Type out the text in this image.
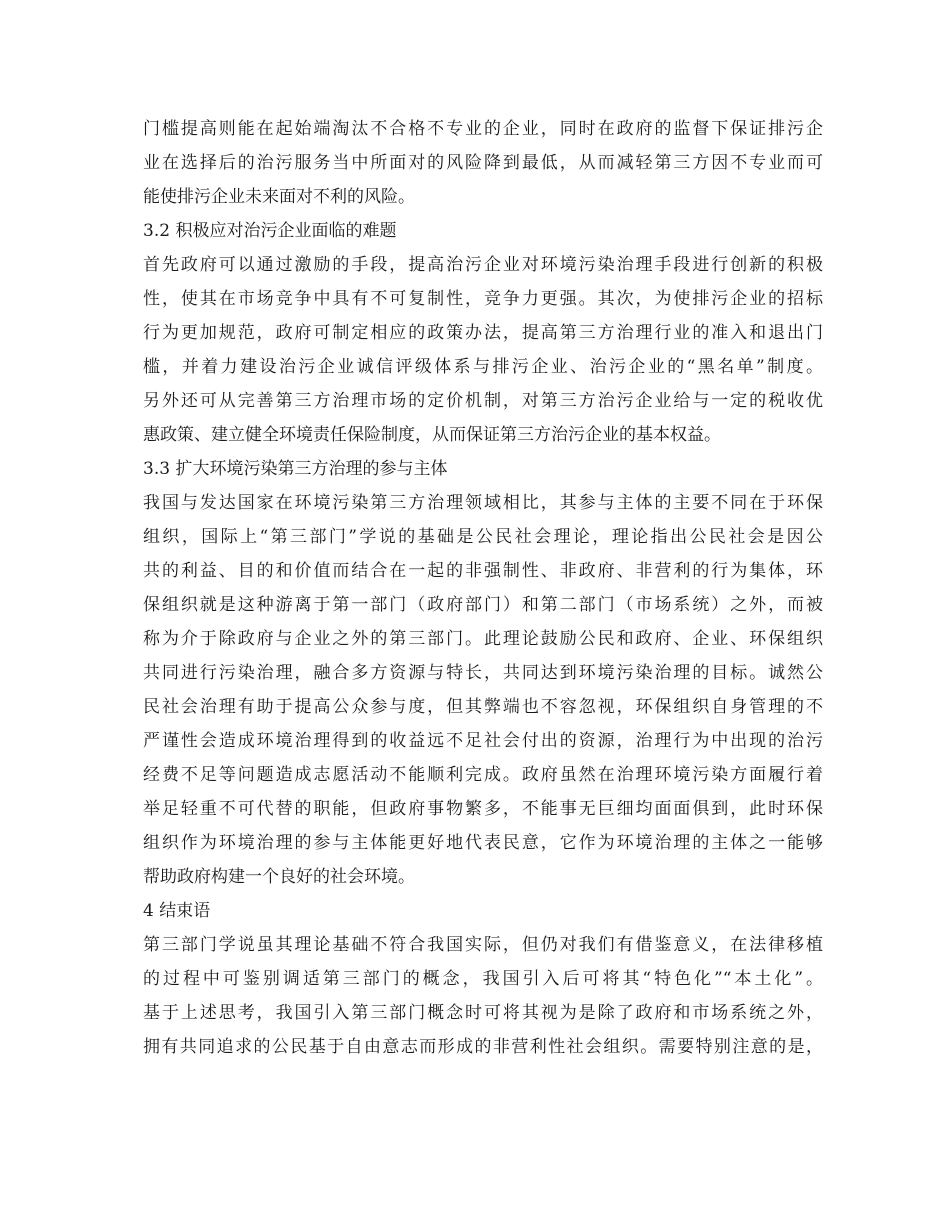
门槛提高则能在起始端淘汰不合格不专业的企业，同时在政府的监督下保证排污企
业在选择后的治污服务当中所面对的风险降到最低，从而减轻第三方因不专业而可
能使排污企业未来面对不利的风险。
3.2 积极应对治污企业面临的难题
首先政府可以通过激励的手段，提高治污企业对环境污染治理手段进行创新的积极
性，使其在市场竞争中具有不可复制性，竞争力更强。其次，为使排污企业的招标
行为更加规范，政府可制定相应的政策办法，提高第三方治理行业的准入和退出门
槛，并着力建设治污企业诚信评级体系与排污企业、治污企业的“黑名单”制度。
另外还可从完善第三方治理市场的定价机制，对第三方治污企业给与一定的税收优
惠政策、建立健全环境责任保险制度，从而保证第三方治污企业的基本权益。
3.3 扩大环境污染第三方治理的参与主体
我国与发达国家在环境污染第三方治理领域相比，其参与主体的主要不同在于环保
组织，国际上“第三部门”学说的基础是公民社会理论，理论指出公民社会是因公
共的利益、目的和价值而结合在一起的非强制性、非政府、非营利的行为集体，环
保组织就是这种游离于第一部门（政府部门）和第二部门（市场系统）之外，而被
称为介于除政府与企业之外的第三部门。此理论鼓励公民和政府、企业、环保组织
共同进行污染治理，融合多方资源与特长，共同达到环境污染治理的目标。诚然公
民社会治理有助于提高公众参与度，但其弊端也不容忽视，环保组织自身管理的不
严谨性会造成环境治理得到的收益远不足社会付出的资源，治理行为中出现的治污
经费不足等问题造成志愿活动不能顺利完成。政府虽然在治理环境污染方面履行着
举足轻重不可代替的职能，但政府事物繁多，不能事无巨细均面面俱到，此时环保
组织作为环境治理的参与主体能更好地代表民意，它作为环境治理的主体之一能够
帮助政府构建一个良好的社会环境。
4 结束语
第三部门学说虽其理论基础不符合我国实际，但仍对我们有借鉴意义，在法律移植
的过程中可鉴别调适第三部门的概念，我国引入后可将其“特色化”“本土化”。
基于上述思考，我国引入第三部门概念时可将其视为是除了政府和市场系统之外，
拥有共同追求的公民基于自由意志而形成的非营利性社会组织。需要特别注意的是，
